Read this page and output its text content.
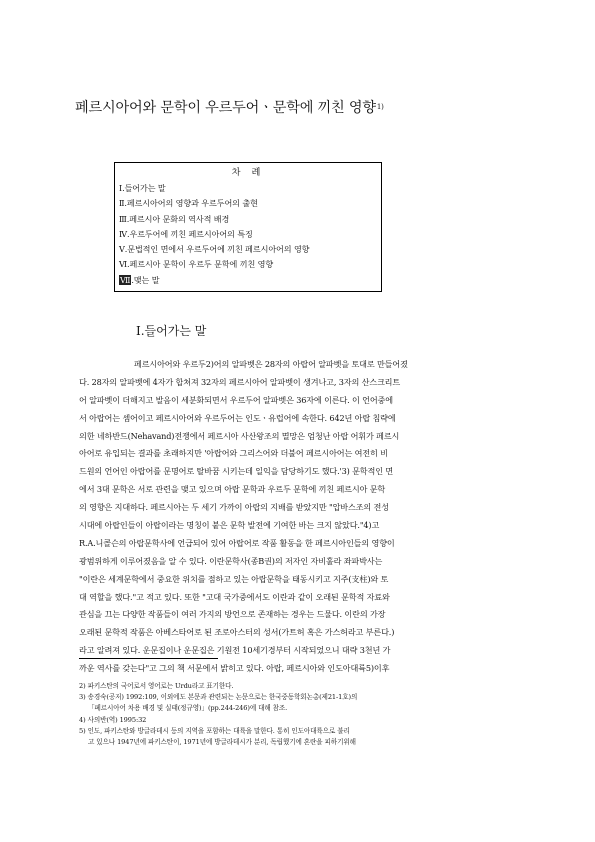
페르시아어와 문학이 우르두어ㆍ문학에 끼친 영향$^{1)}$
차 례
Ⅰ.들어가는 말
Ⅱ.페르시아어의 영향과 우르두어의 출현
Ⅲ.페르시아 문화의 역사적 배경
Ⅳ.우르두어에 끼친 페르시아어의 특징
Ⅴ.문법적인 면에서 우르두어에 끼친 페르시아어의 영향
Ⅵ.페르시아 문학이 우르두 문학에 끼친 영향
Ⅶ.맺는 말
Ⅰ.들어가는 말
페르시아어와 우르두2)어의 알파벳은 28자의 아랍어 알파벳을 토대로 만들어졌
다. 28자의 알파벳에 4자가 합쳐져 32자의 페르시아어 알파벳이 생겨나고, 3자의 산스크리트
어 알파벳이 더해지고 발음이 세분화되면서 우르두어 알파벳은 36자에 이른다. 이 언어중에
서 아랍어는 셈어이고 페르시아어와 우르두어는 인도ㆍ유럽어에 속한다. 642년 아랍 침략에
의한 네하반드(Nehavand)전쟁에서 페르시아 사산왕조의 멸망은 엄청난 아랍 어휘가 페르시
아어로 유입되는 결과를 초래하지만 '아랍어와 그리스어와 더불어 페르시아어는 여전히 비
드원의 언어인 아랍어를 문명어로 탈바꿈 시키는데 일익을 담당하기도 했다.'3) 문학적인 면
에서 3대 문학은 서로 관련을 맺고 있으며 아랍 문학과 우르두 문학에 끼친 페르시아 문학
의 영향은 지대하다. 페르시아는 두 세기 가까이 아랍의 지배를 받았지만 "압바스조의 전성
시대에 아랍인들이 아랍이라는 명칭이 붙은 문학 발전에 기여한 바는 크지 않았다."4)고
R.A.니콜슨의 아랍문학사에 언급되어 있어 아랍어로 작품 활동을 한 페르시아인들의 영향이
광범위하게 이루어졌음을 알 수 있다. 이란문학사(종B권)의 저자인 자비훌라 좌파박사는
"이란은 세계문학에서 중요한 위치를 점하고 있는 아랍문학을 태동시키고 지주(支柱)와 토
대 역할을 했다."고 적고 있다. 또한 "고대 국가중에서도 이란과 같이 오래된 문학적 자료와
관심을 끄는 다양한 작품들이 여러 가지의 방언으로 존재하는 경우는 드물다. 이란의 가장
오래된 문학적 작품은 아베스타어로 된 조로아스터의 성서(가트허 혹은 가스허라고 부른다.)
라고 알려져 있다. 운문집이나 운문집은 기원전 10세기경부터 시작되었으니 대략 3천년 가
까운 역사를 갖는다"고 그의 책 서문에서 밝히고 있다. 아랍, 페르시아와 인도아대륙5)이후
2) 파키스탄의 국어로서 영어로는 Urdu라고 표기한다.
3) 송경숙(공저) 1992:109, 이외에도 본문과 관련되는 논문으로는 한국중동학회논총(제21-1호)의
「페르시아어 차용 배경 및 실태(정규영)」(pp.244-246)에 대해 참조.
4) 사의반(역) 1995:32
5) 인도, 파키스탄와 방글라데시 등의 지역을 포함하는 대륙을 말한다. 통히 인도아대륙으로 불리
고 있으나 1947년에 파키스탄이, 1971년에 방글라데시가 분리, 독립했기에 혼란을 피하기위해
